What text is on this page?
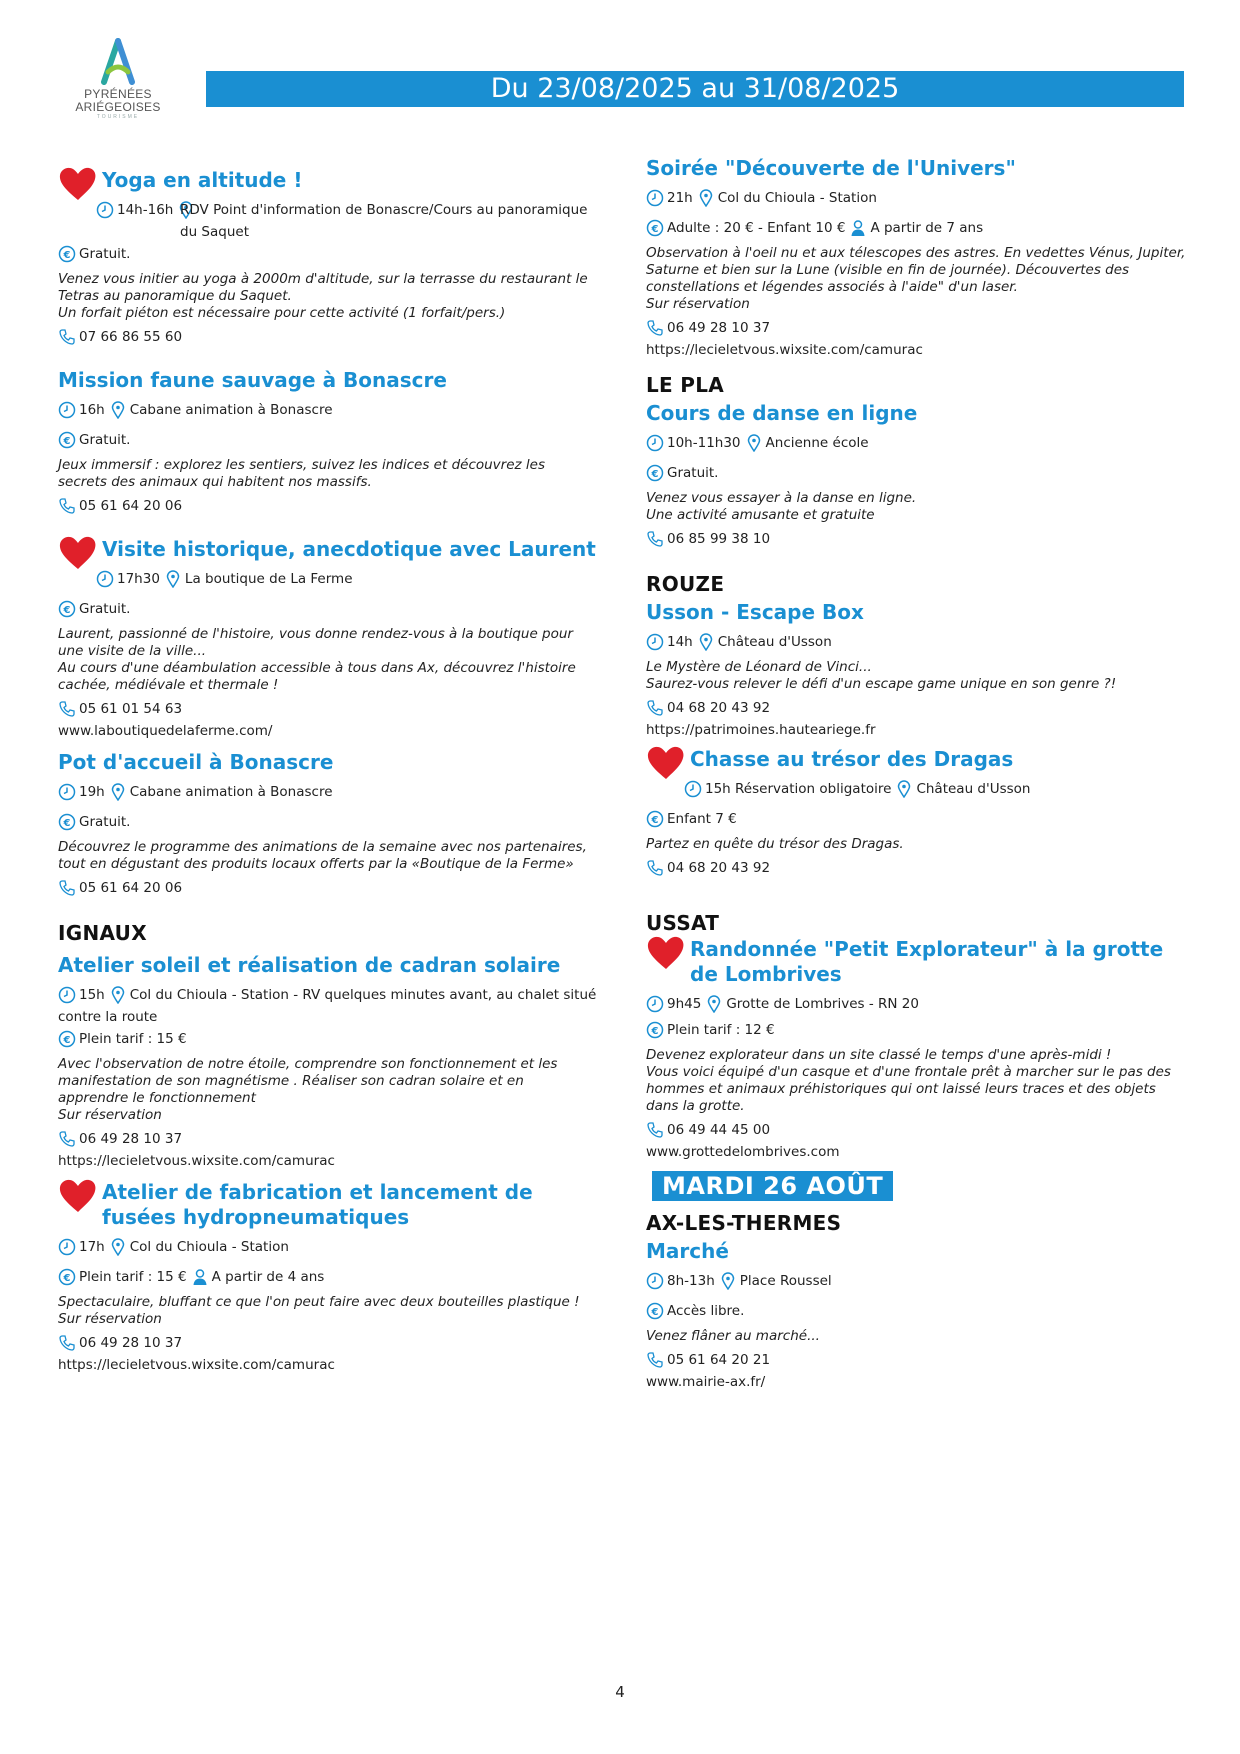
PYRÉNÉES
ARIÉGEOISES
TOURISME
Du 23/08/2025 au 31/08/2025
Yoga en altitude !
14h-16h RDV Point d'information de Bonascre/Cours au panoramique du Saquet
€ Gratuit.
Venez vous initier au yoga à 2000m d'altitude, sur la terrasse du restaurant le Tetras au panoramique du Saquet.
Un forfait piéton est nécessaire pour cette activité (1 forfait/pers.)
07 66 86 55 60
Mission faune sauvage à Bonascre
16h Cabane animation à Bonascre
€ Gratuit.
Jeux immersif : explorez les sentiers, suivez les indices et découvrez les secrets des animaux qui habitent nos massifs.
05 61 64 20 06
Visite historique, anecdotique avec Laurent
17h30 La boutique de La Ferme
€ Gratuit.
Laurent, passionné de l'histoire, vous donne rendez-vous à la boutique pour une visite de la ville...
Au cours d'une déambulation accessible à tous dans Ax, découvrez l'histoire cachée, médiévale et thermale !
05 61 01 54 63
www.laboutiquedelaferme.com/
Pot d'accueil à Bonascre
19h Cabane animation à Bonascre
€ Gratuit.
Découvrez le programme des animations de la semaine avec nos partenaires, tout en dégustant des produits locaux offerts par la «Boutique de la Ferme»
05 61 64 20 06
IGNAUX
Atelier soleil et réalisation de cadran solaire
15h Col du Chioula - Station - RV quelques minutes avant, au chalet situé contre la route
€ Plein tarif : 15 €
Avec l'observation de notre étoile, comprendre son fonctionnement et les manifestation de son magnétisme . Réaliser son cadran solaire et en apprendre le fonctionnement
Sur réservation
06 49 28 10 37
https://lecieletvous.wixsite.com/camurac
Atelier de fabrication et lancement de fusées hydropneumatiques
17h Col du Chioula - Station
€ Plein tarif : 15 € A partir de 4 ans
Spectaculaire, bluffant ce que l'on peut faire avec deux bouteilles plastique !
Sur réservation
06 49 28 10 37
https://lecieletvous.wixsite.com/camurac
Soirée "Découverte de l'Univers"
21h Col du Chioula - Station
€ Adulte : 20 € - Enfant 10 € A partir de 7 ans
Observation à l'oeil nu et aux télescopes des astres. En vedettes Vénus, Jupiter, Saturne et bien sur la Lune (visible en fin de journée). Découvertes des constellations et légendes associés à l'aide" d'un laser.
Sur réservation
06 49 28 10 37
https://lecieletvous.wixsite.com/camurac
LE PLA
Cours de danse en ligne
10h-11h30 Ancienne école
€ Gratuit.
Venez vous essayer à la danse en ligne.
Une activité amusante et gratuite
06 85 99 38 10
ROUZE
Usson - Escape Box
14h Château d'Usson
Le Mystère de Léonard de Vinci...
Saurez-vous relever le défi d'un escape game unique en son genre ?!
04 68 20 43 92
https://patrimoines.hauteariege.fr
Chasse au trésor des Dragas
15h Réservation obligatoire Château d'Usson
€ Enfant 7 €
Partez en quête du trésor des Dragas.
04 68 20 43 92
USSAT
Randonnée "Petit Explorateur" à la grotte de Lombrives
9h45 Grotte de Lombrives - RN 20
€ Plein tarif : 12 €
Devenez explorateur dans un site classé le temps d'une après-midi !
Vous voici équipé d'un casque et d'une frontale prêt à marcher sur le pas des hommes et animaux préhistoriques qui ont laissé leurs traces et des objets dans la grotte.
06 49 44 45 00
www.grottedelombrives.com
MARDI 26 AOÛT
AX-LES-THERMES
Marché
8h-13h Place Roussel
€ Accès libre.
Venez flâner au marché...
05 61 64 20 21
www.mairie-ax.fr/
4
